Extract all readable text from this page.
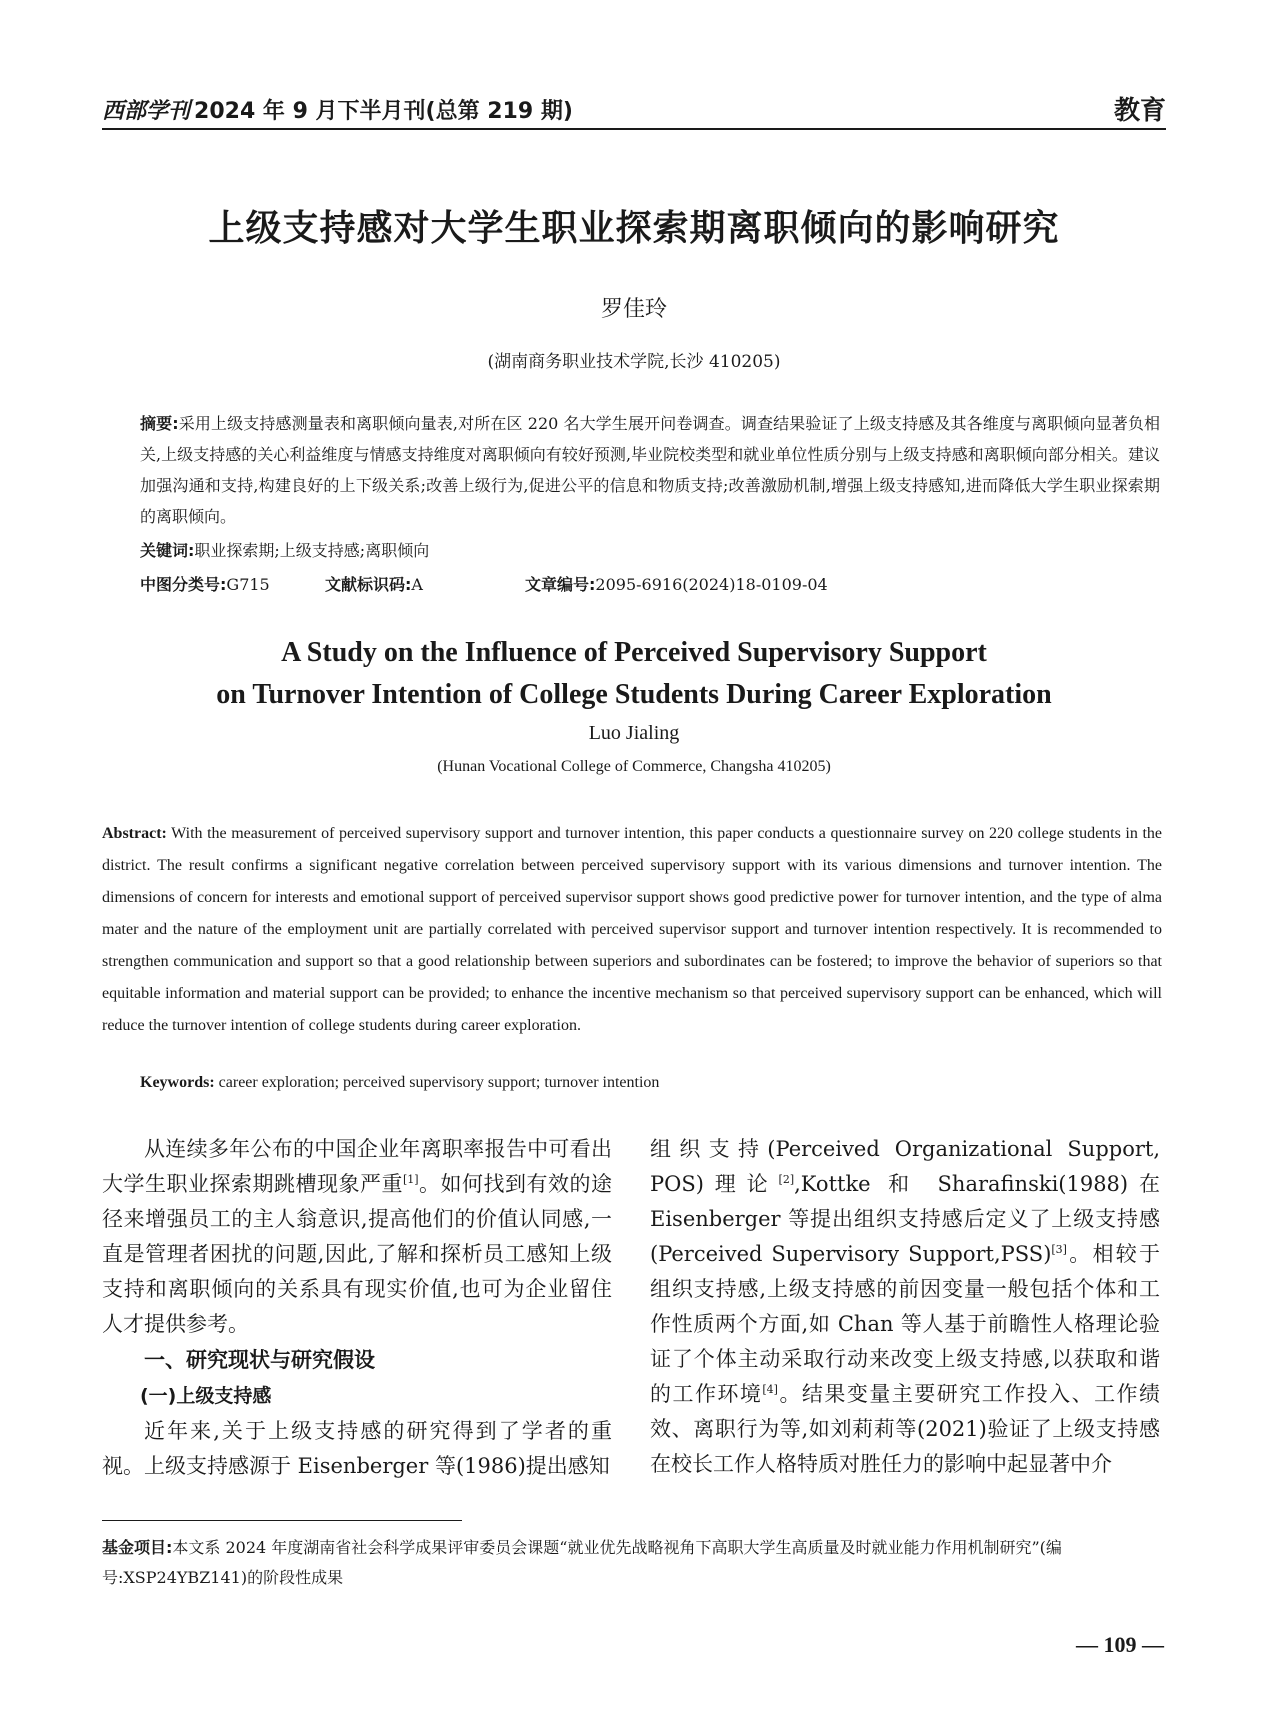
西部学刊 2024 年 9 月下半月刊(总第 219 期)	教育
上级支持感对大学生职业探索期离职倾向的影响研究
罗佳玲
(湖南商务职业技术学院,长沙 410205)
摘要:采用上级支持感测量表和离职倾向量表,对所在区 220 名大学生展开问卷调查。调查结果验证了上级支持感及其各维度与离职倾向显著负相关,上级支持感的关心利益维度与情感支持维度对离职倾向有较好预测,毕业院校类型和就业单位性质分别与上级支持感和离职倾向部分相关。建议加强沟通和支持,构建良好的上下级关系;改善上级行为,促进公平的信息和物质支持;改善激励机制,增强上级支持感知,进而降低大学生职业探索期的离职倾向。
关键词:职业探索期;上级支持感;离职倾向
中图分类号:G715	文献标识码:A	文章编号:2095-6916(2024)18-0109-04
A Study on the Influence of Perceived Supervisory Support
on Turnover Intention of College Students During Career Exploration
Luo Jialing
(Hunan Vocational College of Commerce, Changsha 410205)
Abstract: With the measurement of perceived supervisory support and turnover intention, this paper conducts a questionnaire survey on 220 college students in the district. The result confirms a significant negative correlation between perceived supervisory support with its various dimensions and turnover intention. The dimensions of concern for interests and emotional support of perceived supervisor support shows good predictive power for turnover intention, and the type of alma mater and the nature of the employment unit are partially correlated with perceived supervisor support and turnover intention respectively. It is recommended to strengthen communication and support so that a good relationship between superiors and subordinates can be fostered; to improve the behavior of superiors so that equitable information and material support can be provided; to enhance the incentive mechanism so that perceived supervisory support can be enhanced, which will reduce the turnover intention of college students during career exploration.
Keywords: career exploration; perceived supervisory support; turnover intention

从连续多年公布的中国企业年离职率报告中可看出大学生职业探索期跳槽现象严重[1]。如何找到有效的途径来增强员工的主人翁意识,提高他们的价值认同感,一直是管理者困扰的问题,因此,了解和探析员工感知上级支持和离职倾向的关系具有现实价值,也可为企业留住人才提供参考。

一、研究现状与研究假设
(一)上级支持感

近年来,关于上级支持感的研究得到了学者的重视。上级支持感源于 Eisenberger 等(1986)提出感知

组织支持(Perceived Organizational Support, POS)理论[2],Kottke 和 Sharafinski(1988)在 Eisenberger 等提出组织支持感后定义了上级支持感(Perceived Supervisory Support,PSS)[3]。相较于组织支持感,上级支持感的前因变量一般包括个体和工作性质两个方面,如 Chan 等人基于前瞻性人格理论验证了个体主动采取行动来改变上级支持感,以获取和谐的工作环境[4]。结果变量主要研究工作投入、工作绩效、离职行为等,如刘莉莉等(2021)验证了上级支持感在校长工作人格特质对胜任力的影响中起显著中介

基金项目:本文系 2024 年度湖南省社会科学成果评审委员会课题“就业优先战略视角下高职大学生高质量及时就业能力作用机制研究”(编号:XSP24YBZ141)的阶段性成果
— 109 —
